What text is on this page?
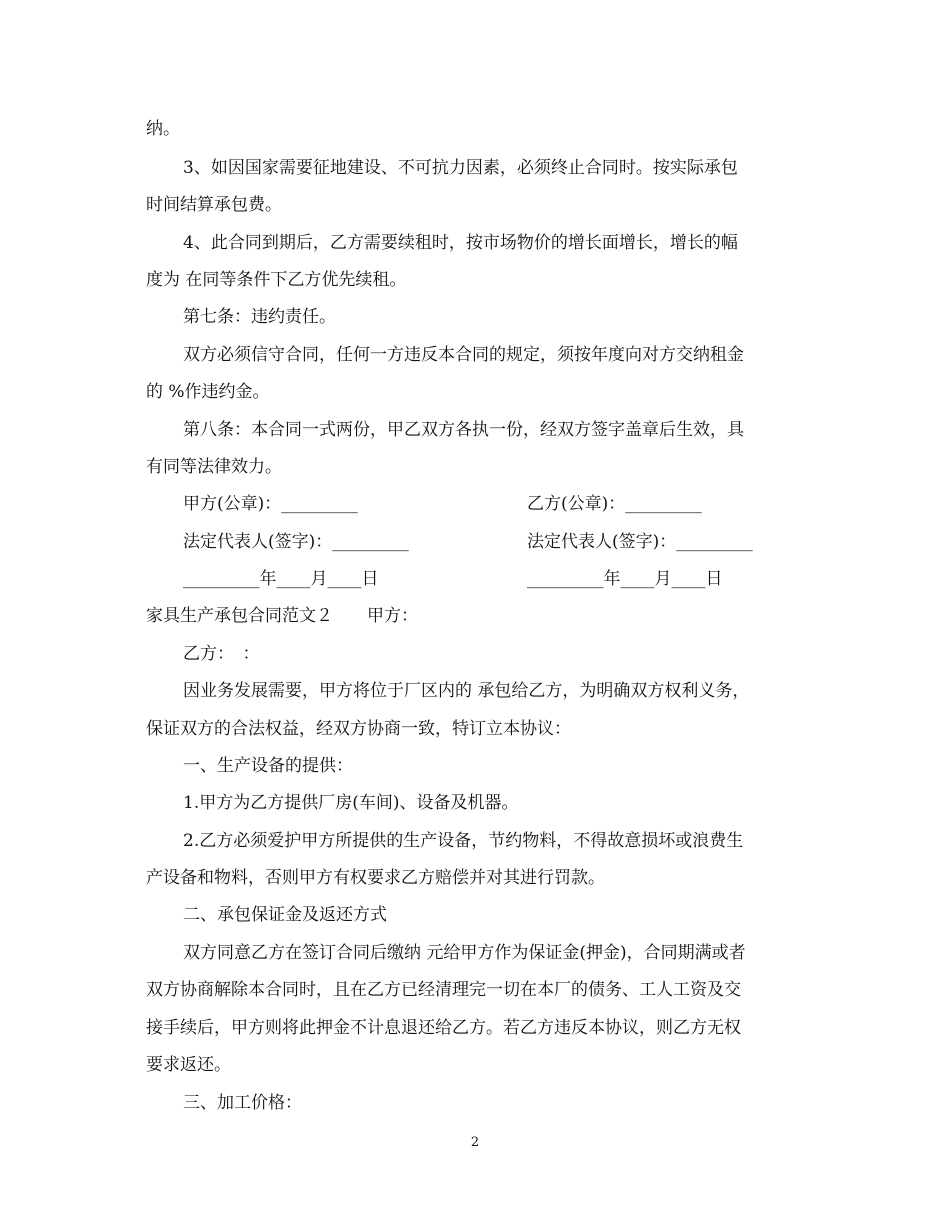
纳。
3、如因国家需要征地建设、不可抗力因素，必须终止合同时。按实际承包
时间结算承包费。
4、此合同到期后，乙方需要续租时，按市场物价的增长面增长，增长的幅
度为 在同等条件下乙方优先续租。
第七条：违约责任。
双方必须信守合同，任何一方违反本合同的规定，须按年度向对方交纳租金
的 %作违约金。
第八条：本合同一式两份，甲乙双方各执一份，经双方签字盖章后生效，具
有同等法律效力。
甲方(公章)：_________	乙方(公章)：_________
法定代表人(签字)：_________	法定代表人(签字)：_________
_________年____月____日	_________年____月____日
家具生产承包合同范文２　　甲方：
乙方：　：
因业务发展需要，甲方将位于厂区内的 承包给乙方，为明确双方权利义务，
保证双方的合法权益，经双方协商一致，特订立本协议：
一、生产设备的提供：
1.甲方为乙方提供厂房(车间)、设备及机器。
2.乙方必须爱护甲方所提供的生产设备，节约物料，不得故意损坏或浪费生
产设备和物料，否则甲方有权要求乙方赔偿并对其进行罚款。
二、承包保证金及返还方式
双方同意乙方在签订合同后缴纳 元给甲方作为保证金(押金)，合同期满或者
双方协商解除本合同时，且在乙方已经清理完一切在本厂的债务、工人工资及交
接手续后，甲方则将此押金不计息退还给乙方。若乙方违反本协议，则乙方无权
要求返还。
三、加工价格：
2
